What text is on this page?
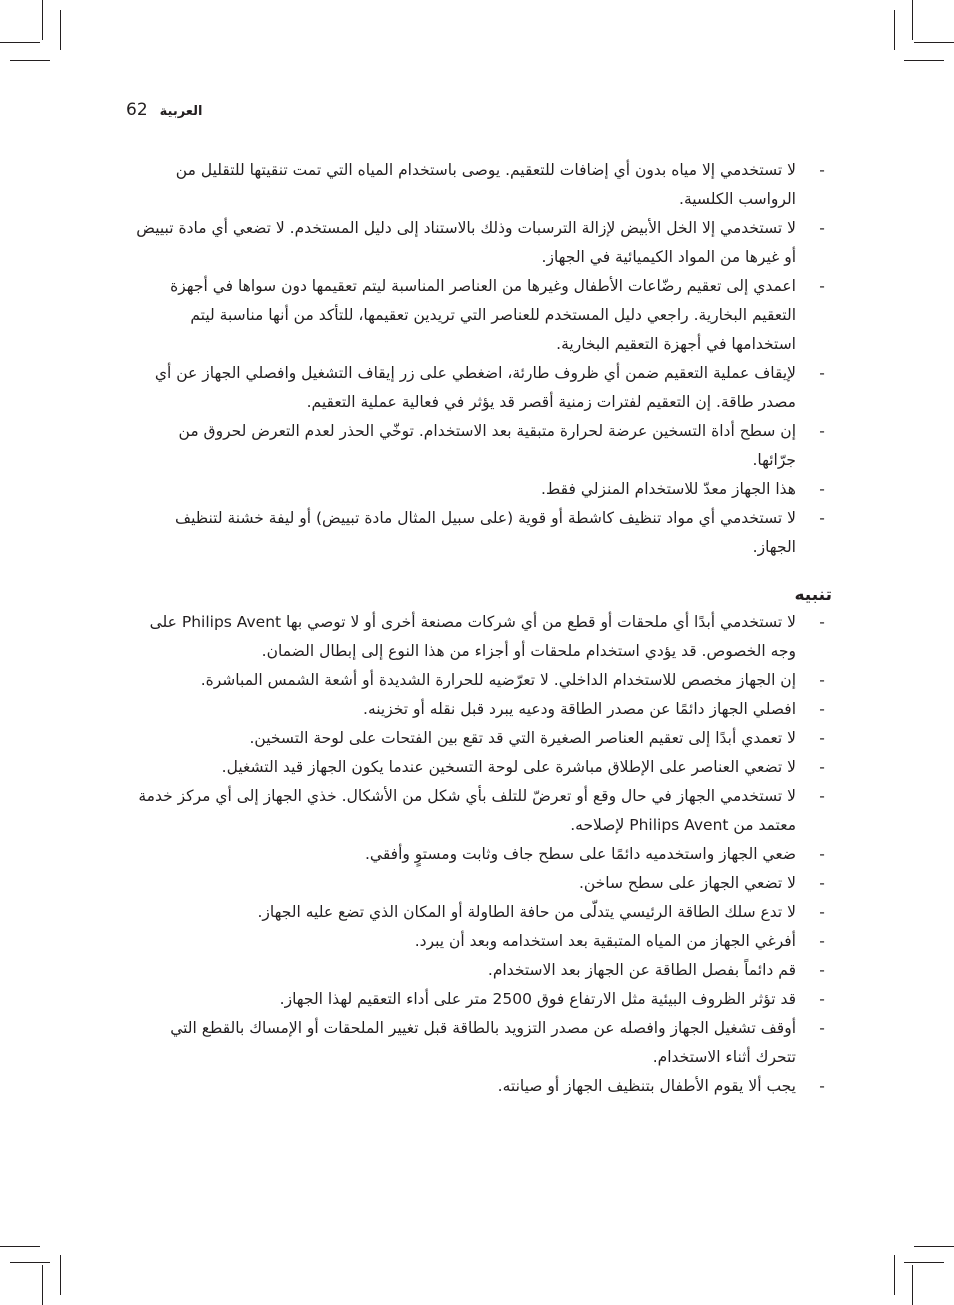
62 العربية
-
لا تستخدمي إلا مياه بدون أي إضافات للتعقيم. يوصى باستخدام المياه التي تمت تنقيتها للتقليل من الرواسب الكلسية.
-
لا تستخدمي إلا الخل الأبيض لإزالة الترسبات وذلك بالاستناد إلى دليل المستخدم. لا تضعي أي مادة تبييض أو غيرها من المواد الكيميائية في الجهاز.
-
اعمدي إلى تعقيم رضّاعات الأطفال وغيرها من العناصر المناسبة ليتم تعقيمها دون سواها في أجهزة التعقيم البخارية. راجعي دليل المستخدم للعناصر التي تريدين تعقيمها، للتأكد من أنها مناسبة ليتم استخدامها في أجهزة التعقيم البخارية.
-
لإيقاف عملية التعقيم ضمن أي ظروف طارئة، اضغطي على زر إيقاف التشغيل وافصلي الجهاز عن أي مصدر طاقة. إن التعقيم لفترات زمنية أقصر قد يؤثر في فعالية عملية التعقيم.
-
إن سطح أداة التسخين عرضة لحرارة متبقية بعد الاستخدام. توخّي الحذر لعدم التعرض لحروق من جرّائها.
-
هذا الجهاز معدّ للاستخدام المنزلي فقط.
-
لا تستخدمي أي مواد تنظيف كاشطة أو قوية (على سبيل المثال مادة تبييض) أو ليفة خشنة لتنظيف الجهاز.
تنبيه
-
لا تستخدمي أبدًا أي ملحقات أو قطع من أي شركات مصنعة أخرى أو لا توصي بها Philips Avent على وجه الخصوص. قد يؤدي استخدام ملحقات أو أجزاء من هذا النوع إلى إبطال الضمان.
-
إن الجهاز مخصص للاستخدام الداخلي. لا تعرّضيه للحرارة الشديدة أو أشعة الشمس المباشرة.
-
افصلي الجهاز دائمًا عن مصدر الطاقة ودعيه يبرد قبل نقله أو تخزينه.
-
لا تعمدي أبدًا إلى تعقيم العناصر الصغيرة التي قد تقع بين الفتحات على لوحة التسخين.
-
لا تضعي العناصر على الإطلاق مباشرة على لوحة التسخين عندما يكون الجهاز قيد التشغيل.
-
لا تستخدمي الجهاز في حال وقع أو تعرضّ للتلف بأي شكل من الأشكال. خذي الجهاز إلى أي مركز خدمة معتمد من Philips Avent لإصلاحه.
-
ضعي الجهاز واستخدميه دائمًا على سطح جاف وثابت ومستوٍ وأفقي.
-
لا تضعي الجهاز على سطح ساخن.
-
لا تدع سلك الطاقة الرئيسي يتدلّى من حافة الطاولة أو المكان الذي تضع عليه الجهاز.
-
أفرغي الجهاز من المياه المتبقية بعد استخدامه وبعد أن يبرد.
-
قم دائماً بفصل الطاقة عن الجهاز بعد الاستخدام.
-
قد تؤثر الظروف البيئية مثل الارتفاع فوق 2500 متر على أداء التعقيم لهذا الجهاز.
-
أوقف تشغيل الجهاز وافصله عن مصدر التزويد بالطاقة قبل تغيير الملحقات أو الإمساك بالقطع التي تتحرك أثناء الاستخدام.
-
يجب ألا يقوم الأطفال بتنظيف الجهاز أو صيانته.
